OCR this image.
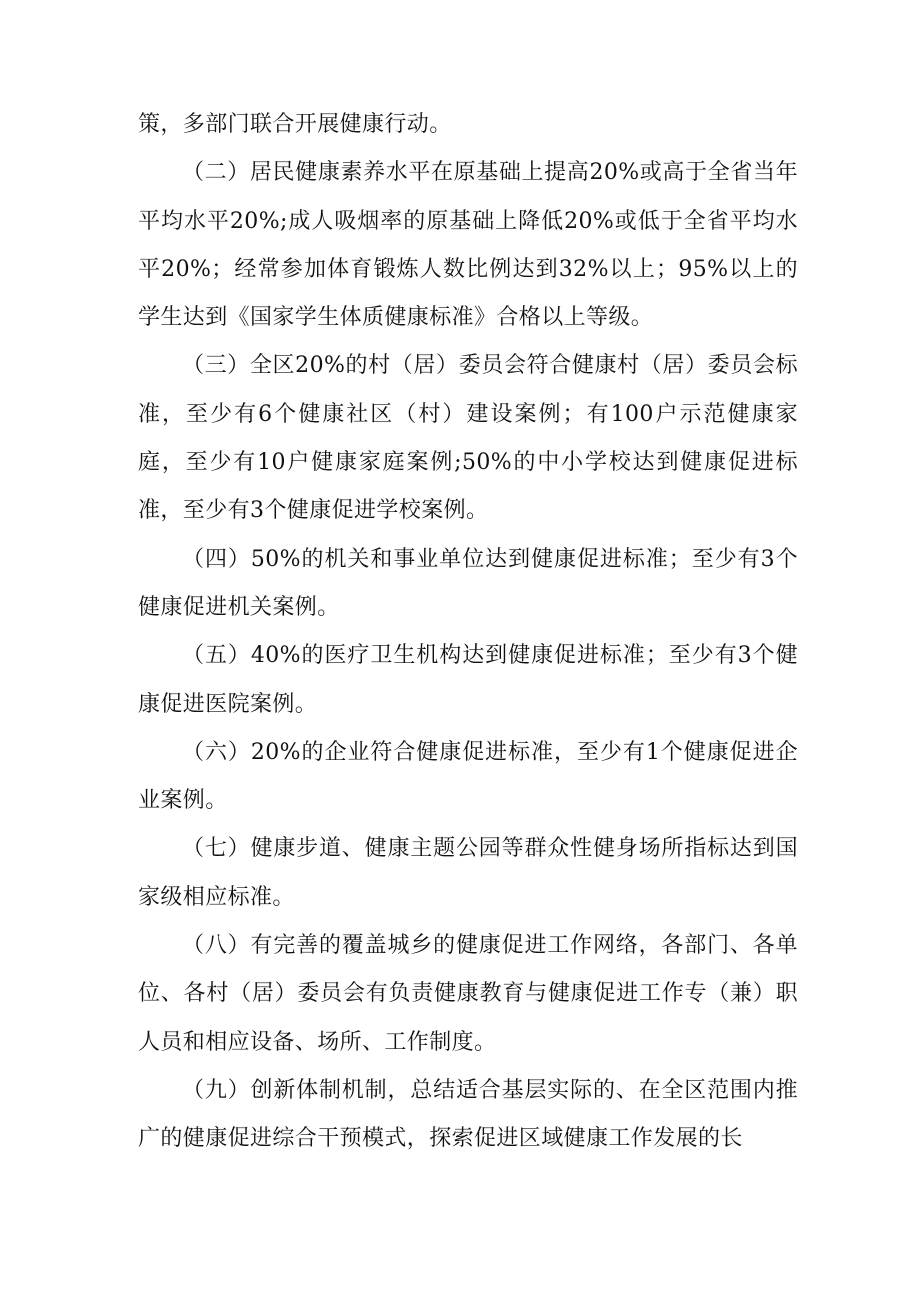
策，多部门联合开展健康行动。

（二）居民健康素养水平在原基础上提高20%或高于全省当年平均水平20%;成人吸烟率的原基础上降低20%或低于全省平均水平20%；经常参加体育锻炼人数比例达到32%以上；95%以上的学生达到《国家学生体质健康标准》合格以上等级。

（三）全区20%的村（居）委员会符合健康村（居）委员会标准，至少有6个健康社区（村）建设案例；有100户示范健康家庭，至少有10户健康家庭案例;50%的中小学校达到健康促进标准，至少有3个健康促进学校案例。

（四）50%的机关和事业单位达到健康促进标准；至少有3个健康促进机关案例。

（五）40%的医疗卫生机构达到健康促进标准；至少有3个健康促进医院案例。

（六）20%的企业符合健康促进标准，至少有1个健康促进企业案例。

（七）健康步道、健康主题公园等群众性健身场所指标达到国家级相应标准。

（八）有完善的覆盖城乡的健康促进工作网络，各部门、各单位、各村（居）委员会有负责健康教育与健康促进工作专（兼）职人员和相应设备、场所、工作制度。

（九）创新体制机制，总结适合基层实际的、在全区范围内推广的健康促进综合干预模式，探索促进区域健康工作发展的长
